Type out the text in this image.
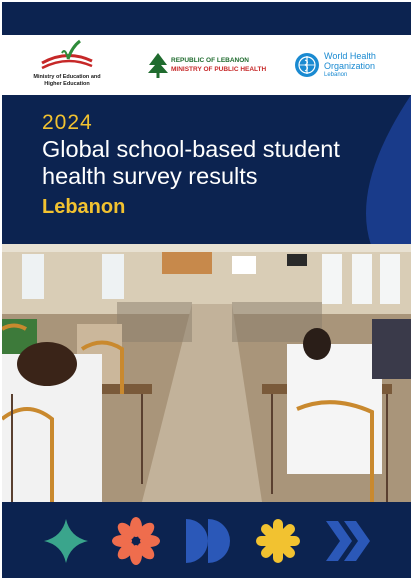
Ministry of Education and Higher Education
REPUBLIC OF LEBANON
MINISTRY OF PUBLIC HEALTH
World Health
Organization
Lebanon
2024
Global school-based student health survey results
Lebanon
